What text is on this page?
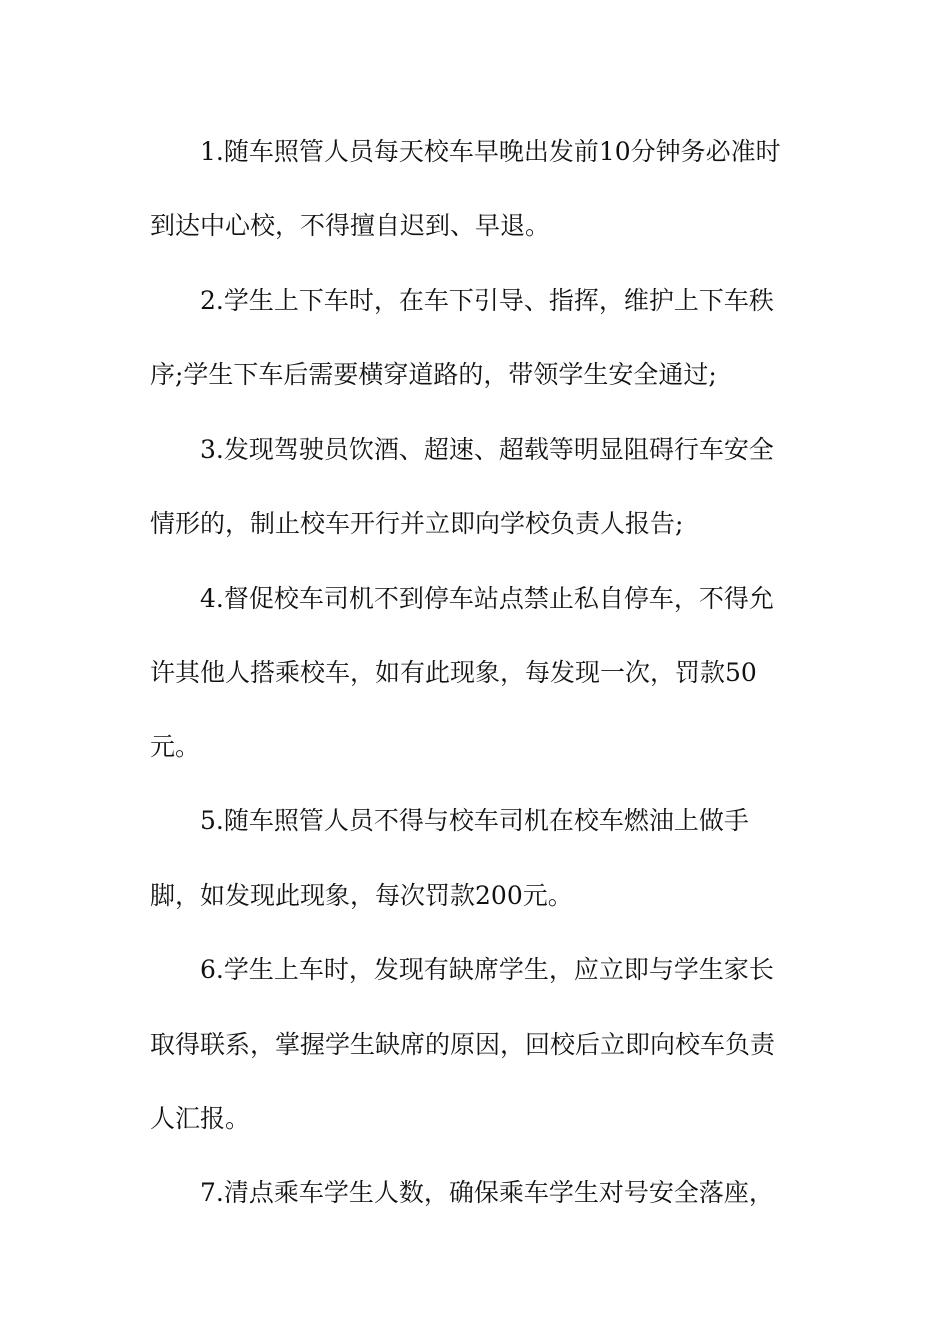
1.随车照管人员每天校车早晚出发前10分钟务必准时
到达中心校，不得擅自迟到、早退。
2.学生上下车时，在车下引导、指挥，维护上下车秩
序;学生下车后需要横穿道路的，带领学生安全通过;
3.发现驾驶员饮酒、超速、超载等明显阻碍行车安全
情形的，制止校车开行并立即向学校负责人报告;
4.督促校车司机不到停车站点禁止私自停车，不得允
许其他人搭乘校车，如有此现象，每发现一次，罚款50
元。
5.随车照管人员不得与校车司机在校车燃油上做手
脚，如发现此现象，每次罚款200元。
6.学生上车时，发现有缺席学生，应立即与学生家长
取得联系，掌握学生缺席的原因，回校后立即向校车负责
人汇报。
7.清点乘车学生人数，确保乘车学生对号安全落座，
